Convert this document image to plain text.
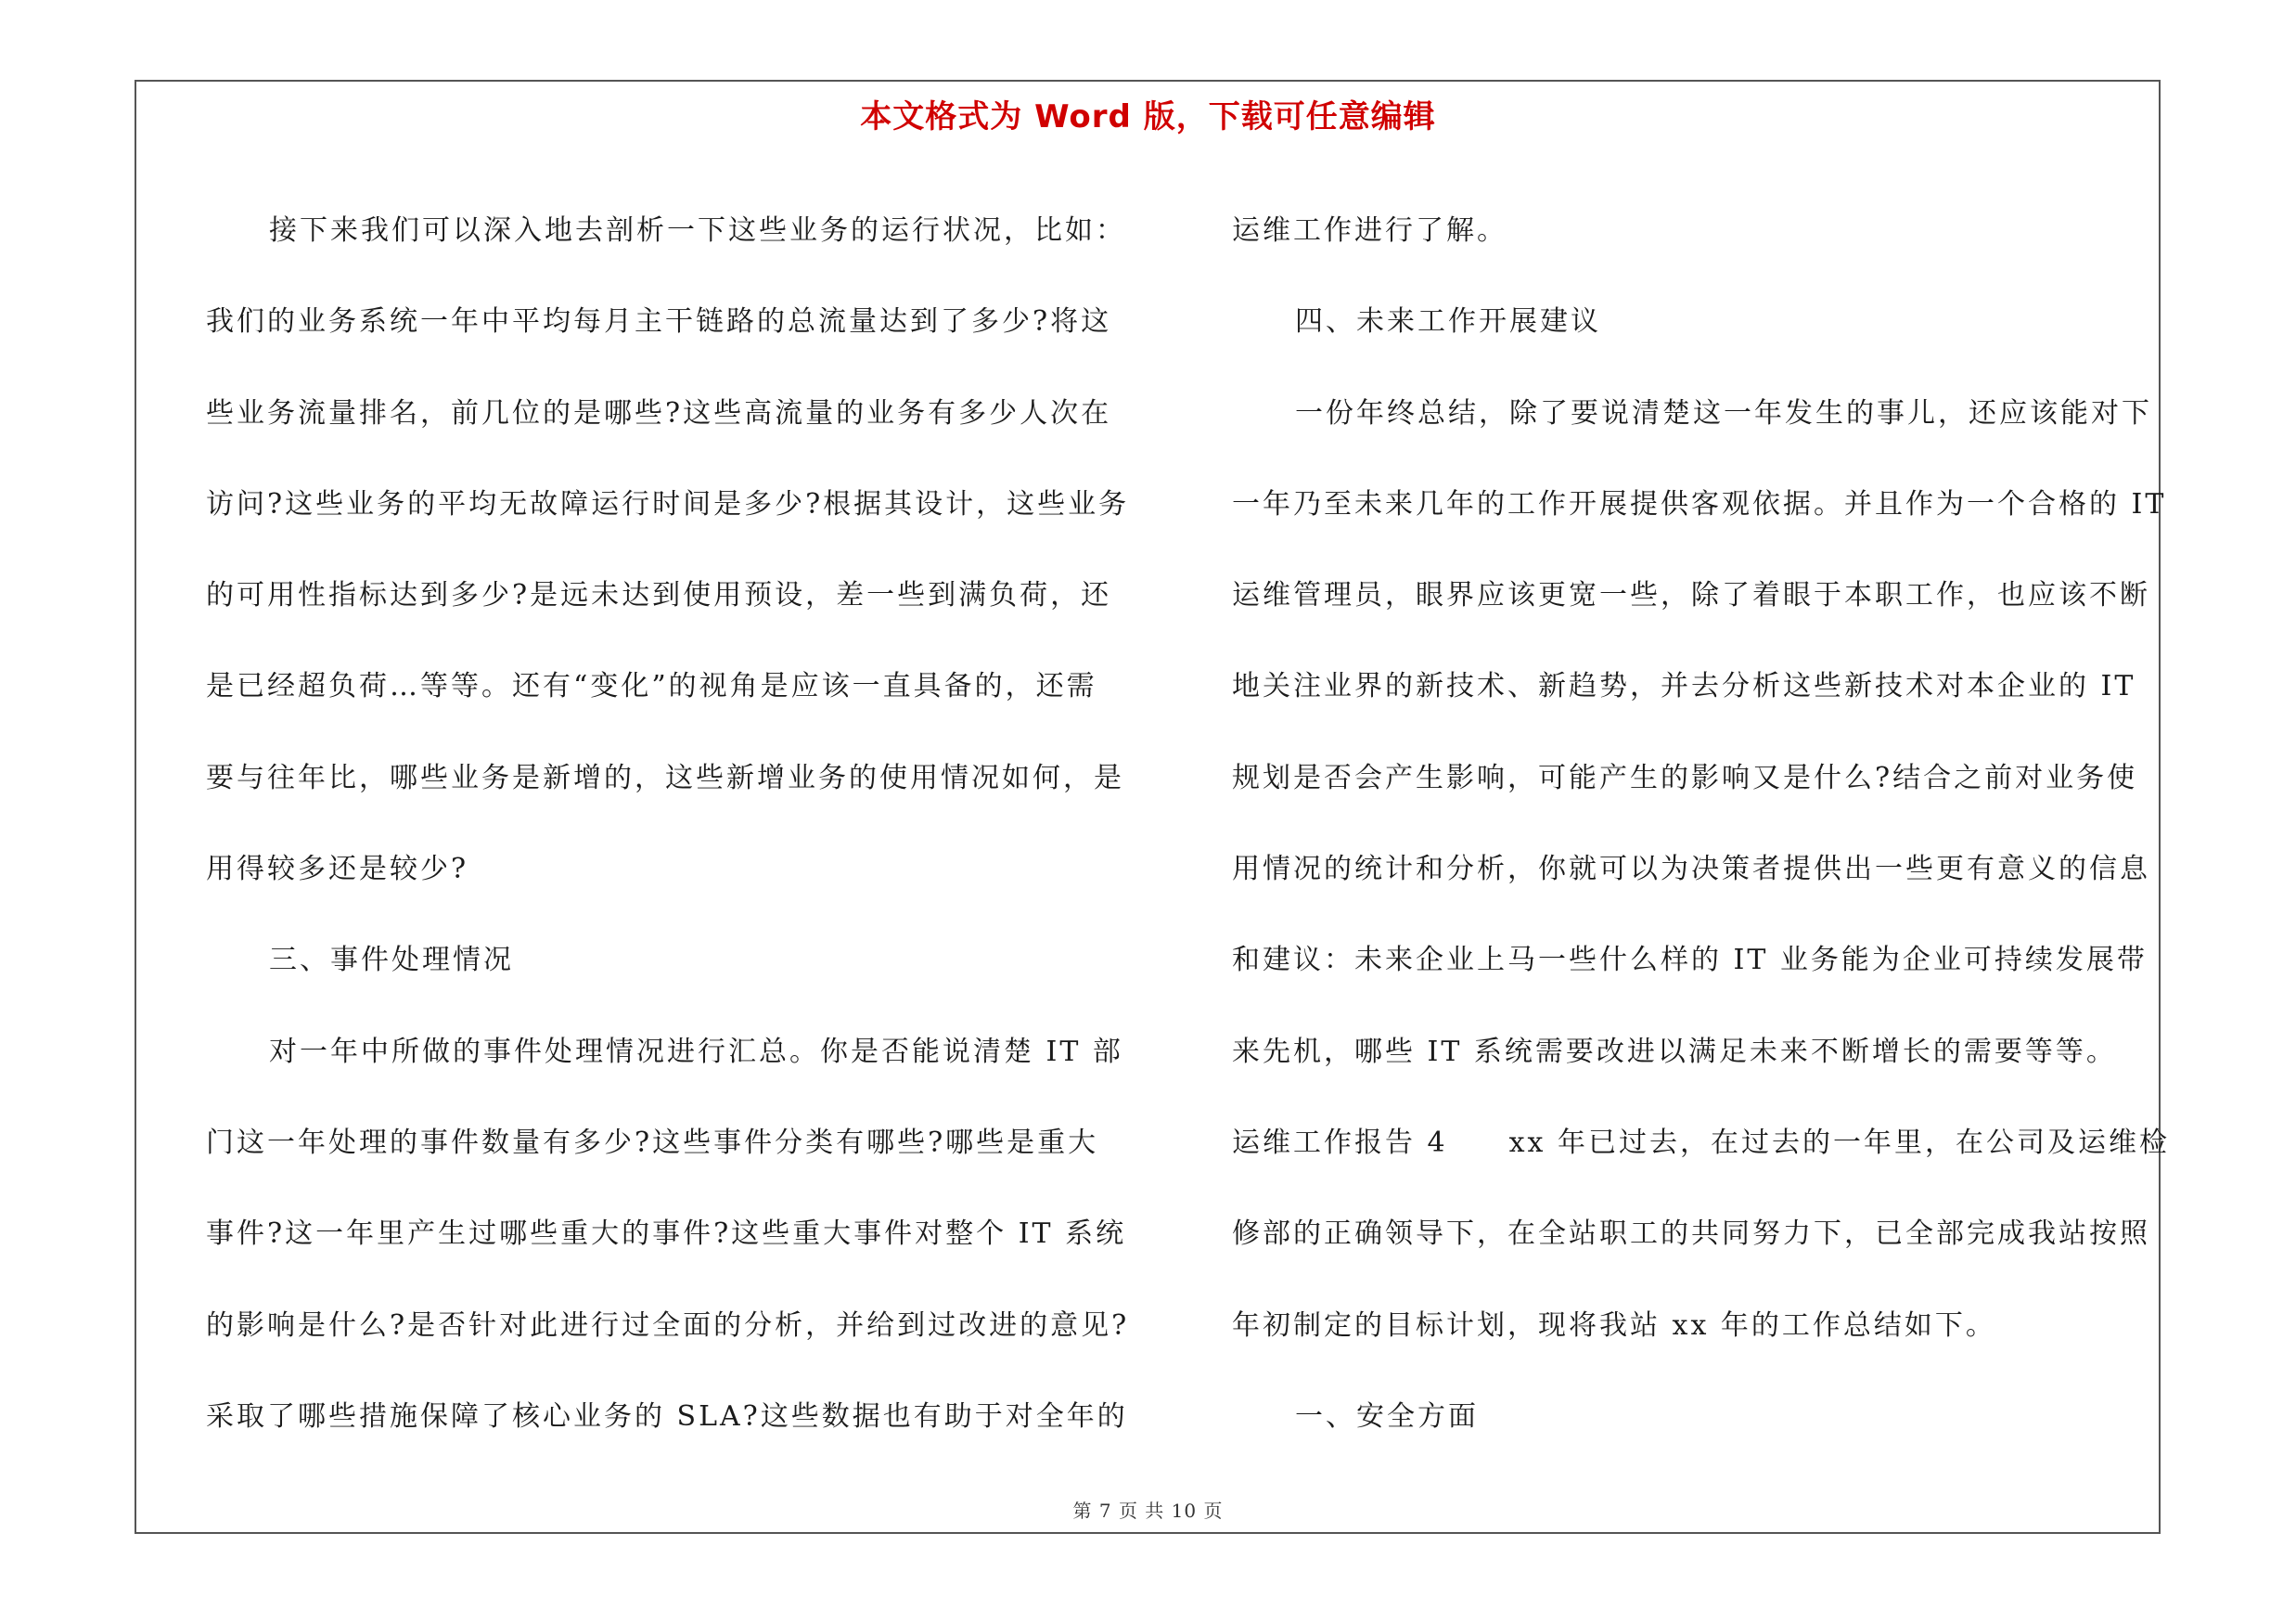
本文格式为 Word 版，下载可任意编辑
接下来我们可以深入地去剖析一下这些业务的运行状况，比如：
我们的业务系统一年中平均每月主干链路的总流量达到了多少?将这
些业务流量排名，前几位的是哪些?这些高流量的业务有多少人次在
访问?这些业务的平均无故障运行时间是多少?根据其设计，这些业务
的可用性指标达到多少?是远未达到使用预设，差一些到满负荷，还
是已经超负荷…等等。还有“变化”的视角是应该一直具备的，还需
要与往年比，哪些业务是新增的，这些新增业务的使用情况如何，是
用得较多还是较少?
三、事件处理情况
对一年中所做的事件处理情况进行汇总。你是否能说清楚 IT 部
门这一年处理的事件数量有多少?这些事件分类有哪些?哪些是重大
事件?这一年里产生过哪些重大的事件?这些重大事件对整个 IT 系统
的影响是什么?是否针对此进行过全面的分析，并给到过改进的意见?
采取了哪些措施保障了核心业务的 SLA?这些数据也有助于对全年的
运维工作进行了解。
四、未来工作开展建议
一份年终总结，除了要说清楚这一年发生的事儿，还应该能对下
一年乃至未来几年的工作开展提供客观依据。并且作为一个合格的 IT
运维管理员，眼界应该更宽一些，除了着眼于本职工作，也应该不断
地关注业界的新技术、新趋势，并去分析这些新技术对本企业的 IT
规划是否会产生影响，可能产生的影响又是什么?结合之前对业务使
用情况的统计和分析，你就可以为决策者提供出一些更有意义的信息
和建议：未来企业上马一些什么样的 IT 业务能为企业可持续发展带
来先机，哪些 IT 系统需要改进以满足未来不断增长的需要等等。
运维工作报告 4　　xx 年已过去，在过去的一年里，在公司及运维检
修部的正确领导下，在全站职工的共同努力下，已全部完成我站按照
年初制定的目标计划，现将我站 xx 年的工作总结如下。
一、安全方面
第 7 页 共 10 页
